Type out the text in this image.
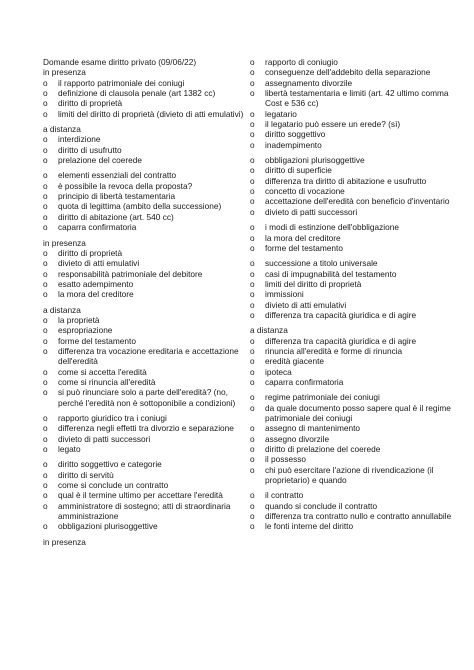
Domande esame diritto privato (09/06/22)
in presenza
o	il rapporto patrimoniale dei coniugi
o	definizione di clausola penale (art 1382 cc)
o	diritto di proprietà
o	limiti del diritto di proprietà (divieto di atti emulativi)
a distanza
o	interdizione
o	diritto di usufrutto
o	prelazione del coerede
o	elementi essenziali del contratto
o	è possibile la revoca della proposta?
o	principio di libertà testamentaria
o	quota di legittima (ambito della successione)
o	diritto di abitazione (art. 540 cc)
o	caparra confirmatoria
in presenza
o	diritto di proprietà
o	divieto di atti emulativi
o	responsabilità patrimoniale del debitore
o	esatto adempimento
o	la mora del creditore
a distanza
o	la proprietà
o	espropriazione
o	forme del testamento
o	differenza tra vocazione ereditaria e accettazione dell'eredità
o	come si accetta l'eredità
o	come si rinuncia all'eredità
o	si può rinunciare solo a parte dell'eredità? (no, perché l'eredità non è sottoponibile a condizioni)
o	rapporto giuridico tra i coniugi
o	differenza negli effetti tra divorzio e separazione
o	divieto di patti successori
o	legato
o	diritto soggettivo e categorie
o	diritto di servitù
o	come si conclude un contratto
o	qual è il termine ultimo per accettare l'eredità
o	amministratore di sostegno; atti di straordinaria amministrazione
o	obbligazioni plurisoggettive
in presenza
o	rapporto di coniugio
o	conseguenze dell'addebito della separazione
o	assegnamento divorzile
o	libertà testamentaria e limiti (art. 42 ultimo comma Cost e 536 cc)
o	legatario
o	il legatario può essere un erede? (sì)
o	diritto soggettivo
o	inadempimento
o	obbligazioni plurisoggettive
o	diritto di superficie
o	differenza tra diritto di abitazione e usufrutto
o	concetto di vocazione
o	accettazione dell'eredità con beneficio d'inventario
o	divieto di patti successori
o	i modi di estinzione dell'obbligazione
o	la mora del creditore
o	forme del testamento
o	successione a titolo universale
o	casi di impugnabilità del testamento
o	limiti del diritto di proprietà
o	immissioni
o	divieto di atti emulativi
o	differenza tra capacità giuridica e di agire
a distanza
o	differenza tra capacità giuridica e di agire
o	rinuncia all'eredità e forme di rinuncia
o	eredità giacente
o	ipoteca
o	caparra confirmatoria
o	regime patrimoniale dei coniugi
o	da quale documento posso sapere qual è il regime patrimoniale dei coniugi
o	assegno di mantenimento
o	assegno divorzile
o	diritto di prelazione del coerede
o	il possesso
o	chi può esercitare l'azione di rivendicazione (il proprietario) e quando
o	il contratto
o	quando si conclude il contratto
o	differenza tra contratto nullo e contratto annullabile
o	le fonti interne del diritto
